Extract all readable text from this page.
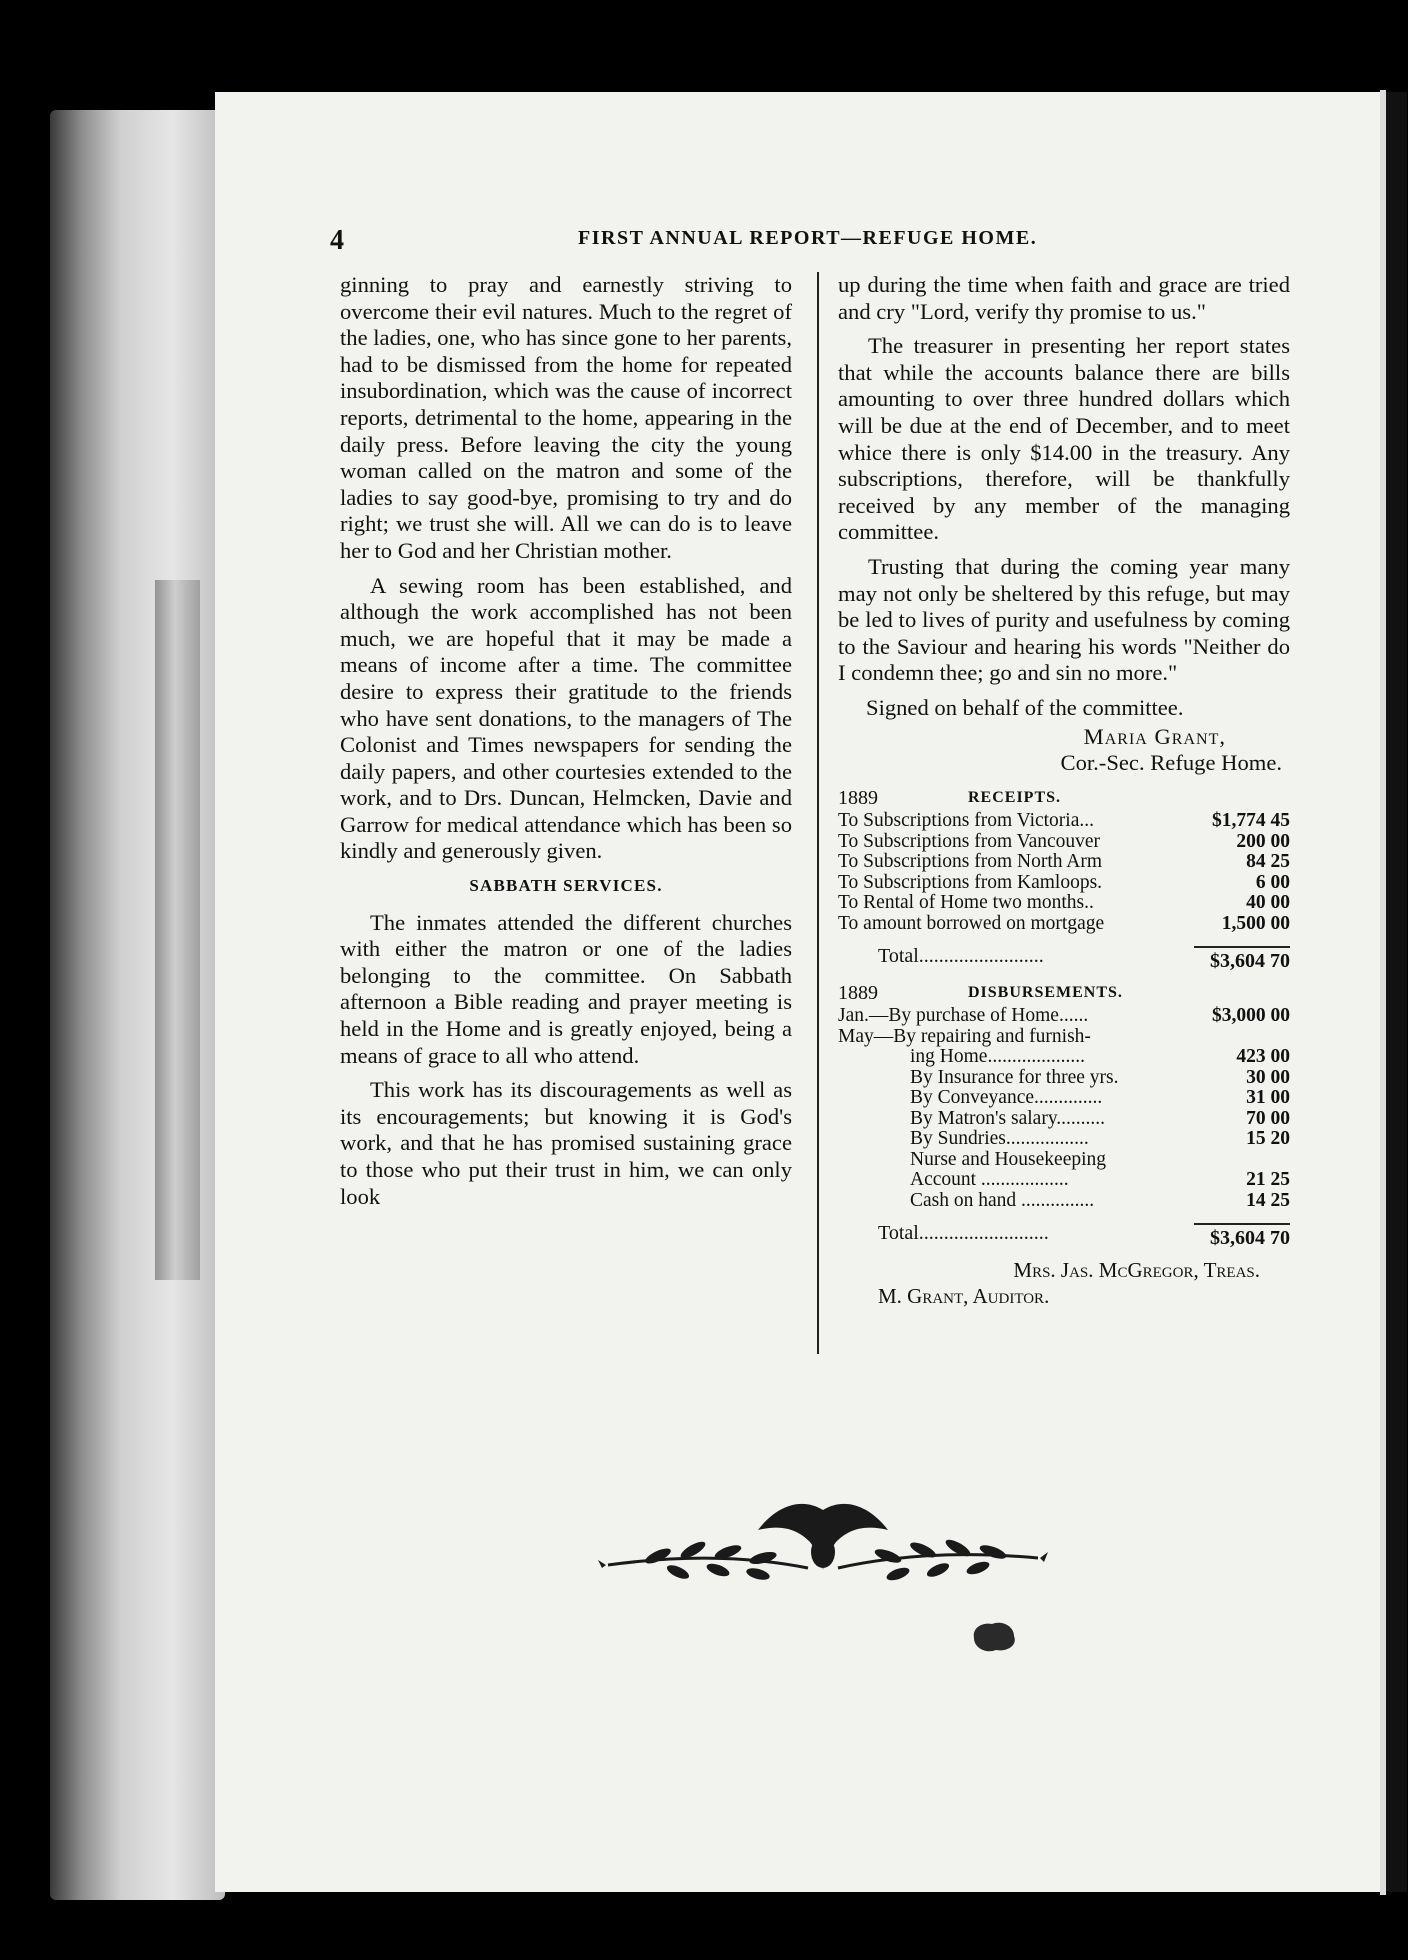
4	FIRST ANNUAL REPORT—REFUGE HOME.

ginning to pray and earnestly striving to overcome their evil natures. Much to the regret of the ladies, one, who has since gone to her parents, had to be dismissed from the home for repeated insubordination, which was the cause of incorrect reports, detrimental to the home, appearing in the daily press. Before leaving the city the young woman called on the matron and some of the ladies to say good-bye, promising to try and do right; we trust she will. All we can do is to leave her to God and her Christian mother.

A sewing room has been established, and although the work accomplished has not been much, we are hopeful that it may be made a means of income after a time. The committee desire to express their gratitude to the friends who have sent donations, to the managers of The Colonist and Times newspapers for sending the daily papers, and other courtesies extended to the work, and to Drs. Duncan, Helmcken, Davie and Garrow for medical attendance which has been so kindly and generously given.

SABBATH SERVICES.

The inmates attended the different churches with either the matron or one of the ladies belonging to the committee. On Sabbath afternoon a Bible reading and prayer meeting is held in the Home and is greatly enjoyed, being a means of grace to all who attend.

This work has its discouragements as well as its encouragements; but knowing it is God's work, and that he has promised sustaining grace to those who put their trust in him, we can only look

up during the time when faith and grace are tried and cry "Lord, verify thy promise to us."

The treasurer in presenting her report states that while the accounts balance there are bills amounting to over three hundred dollars which will be due at the end of December, and to meet whice there is only $14.00 in the treasury. Any subscriptions, therefore, will be thankfully received by any member of the managing committee.

Trusting that during the coming year many may not only be sheltered by this refuge, but may be led to lives of purity and usefulness by coming to the Saviour and hearing his words "Neither do I condemn thee; go and sin no more."

Signed on behalf of the committee.
Maria Grant,
Cor.-Sec. Refuge Home.
1889	RECEIPTS.
To Subscriptions from Victoria...	$1,774 45
To Subscriptions from Vancouver	200 00
To Subscriptions from North Arm	84 25
To Subscriptions from Kamloops.	6 00
To Rental of Home two months..	40 00
To amount borrowed on mortgage	1,500 00
Total.........................	$3,604 70
1889	DISBURSEMENTS.
Jan.—By purchase of Home......	$3,000 00
May—By repairing and furnish-
ing Home....................	423 00
By Insurance for three yrs.	30 00
By Conveyance..............	31 00
By Matron's salary..........	70 00
By Sundries.................	15 20
Nurse and Housekeeping
Account ..................	21 25
Cash on hand ...............	14 25
Total..........................	$3,604 70
Mrs. Jas. McGregor, Treas.
M. Grant, Auditor.
